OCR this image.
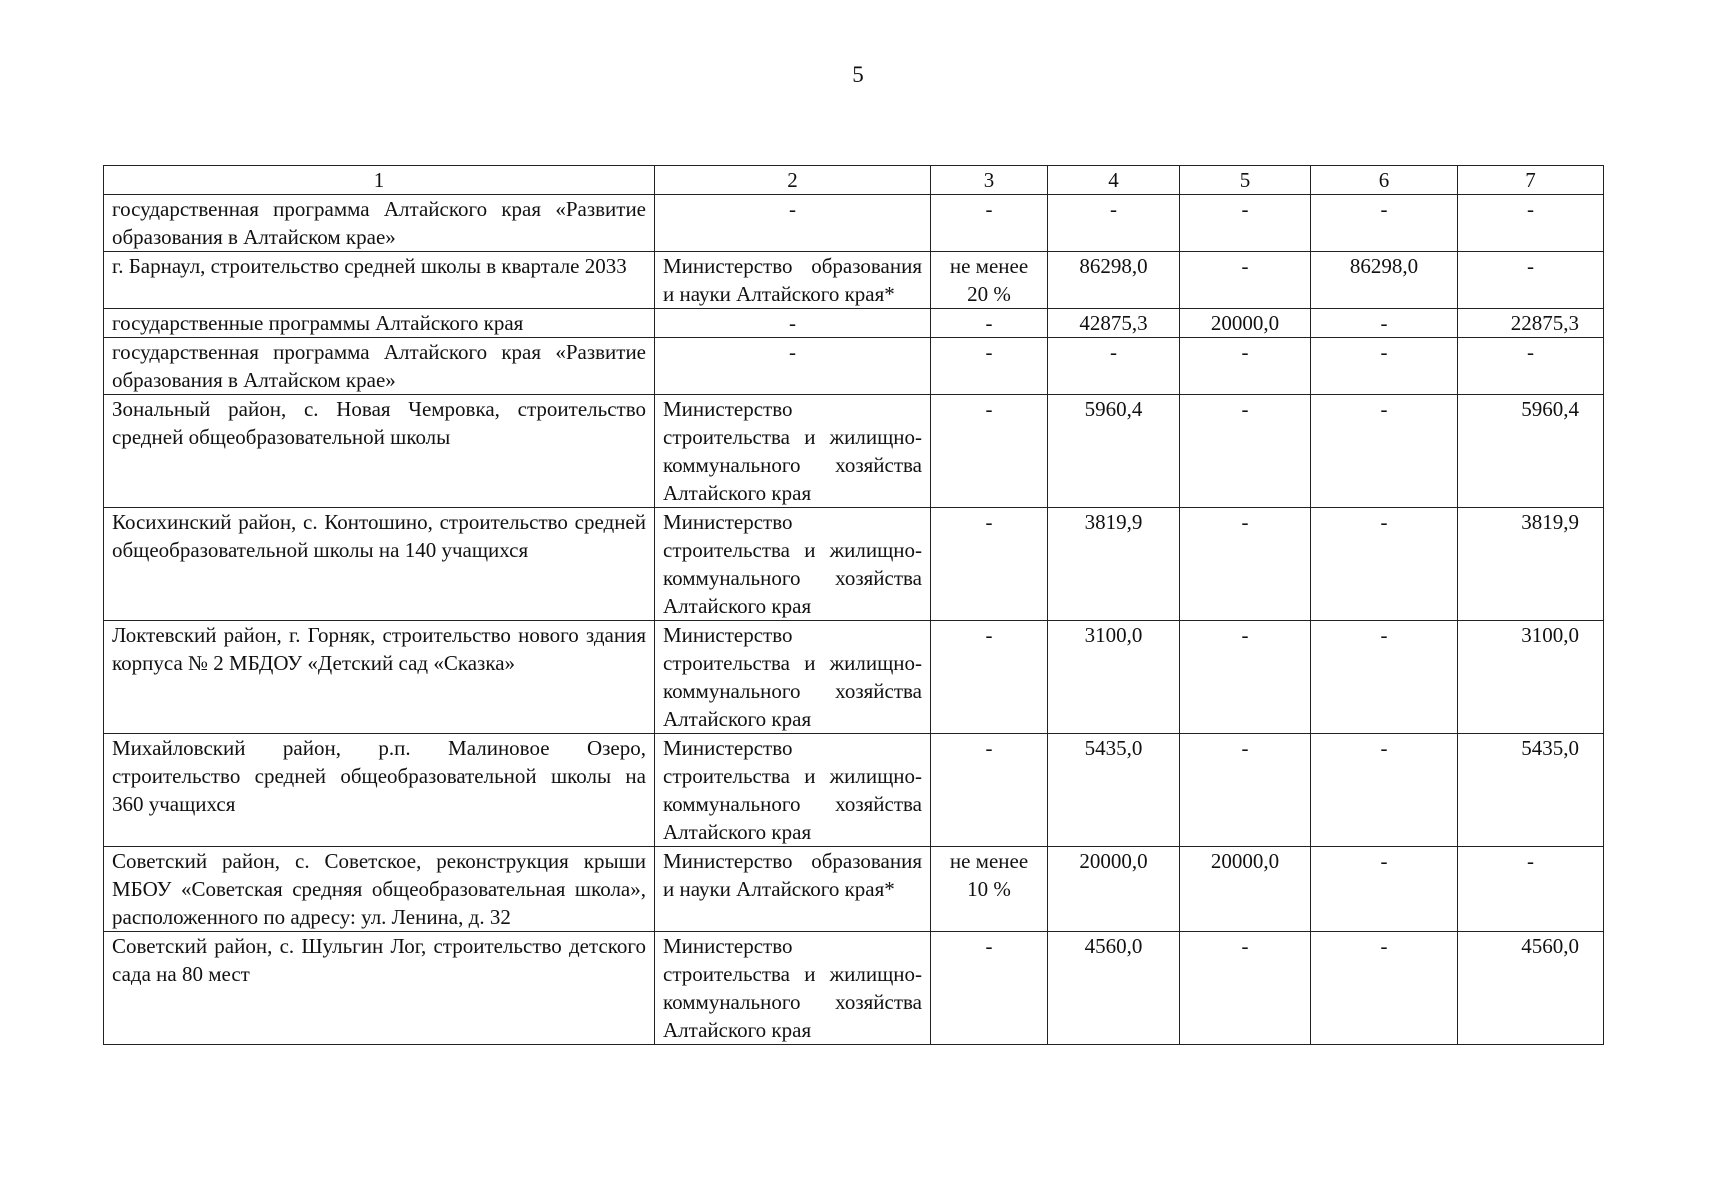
5
1	2	3	4	5	6	7
государственная программа Алтайского края «Развитие образования в Алтайском крае»	-	-	-	-	-	-
г. Барнаул, строительство средней школы в квартале 2033	Министерство образования и науки Алтайского края*	не менее 20 %	86298,0	-	86298,0	-
государственные программы Алтайского края	-	-	42875,3	20000,0	-	22875,3
государственная программа Алтайского края «Развитие образования в Алтайском крае»	-	-	-	-	-	-
Зональный район, с. Новая Чемровка, строительство средней общеобразовательной школы	Министерство строительства и жилищно-коммунального хозяйства Алтайского края	-	5960,4	-	-	5960,4
Косихинский район, с. Контошино, строительство средней общеобразовательной школы на 140 учащихся	Министерство строительства и жилищно-коммунального хозяйства Алтайского края	-	3819,9	-	-	3819,9
Локтевский район, г. Горняк, строительство нового здания корпуса № 2 МБДОУ «Детский сад «Сказка»	Министерство строительства и жилищно-коммунального хозяйства Алтайского края	-	3100,0	-	-	3100,0
Михайловский район, р.п. Малиновое Озеро, строительство средней общеобразовательной школы на 360 учащихся	Министерство строительства и жилищно-коммунального хозяйства Алтайского края	-	5435,0	-	-	5435,0
Советский район, с. Советское, реконструкция крыши МБОУ «Советская средняя общеобразовательная школа», расположенного по адресу: ул. Ленина, д. 32	Министерство образования и науки Алтайского края*	не менее 10 %	20000,0	20000,0	-	-
Советский район, с. Шульгин Лог, строительство детского сада на 80 мест	Министерство строительства и жилищно-коммунального хозяйства Алтайского края	-	4560,0	-	-	4560,0
